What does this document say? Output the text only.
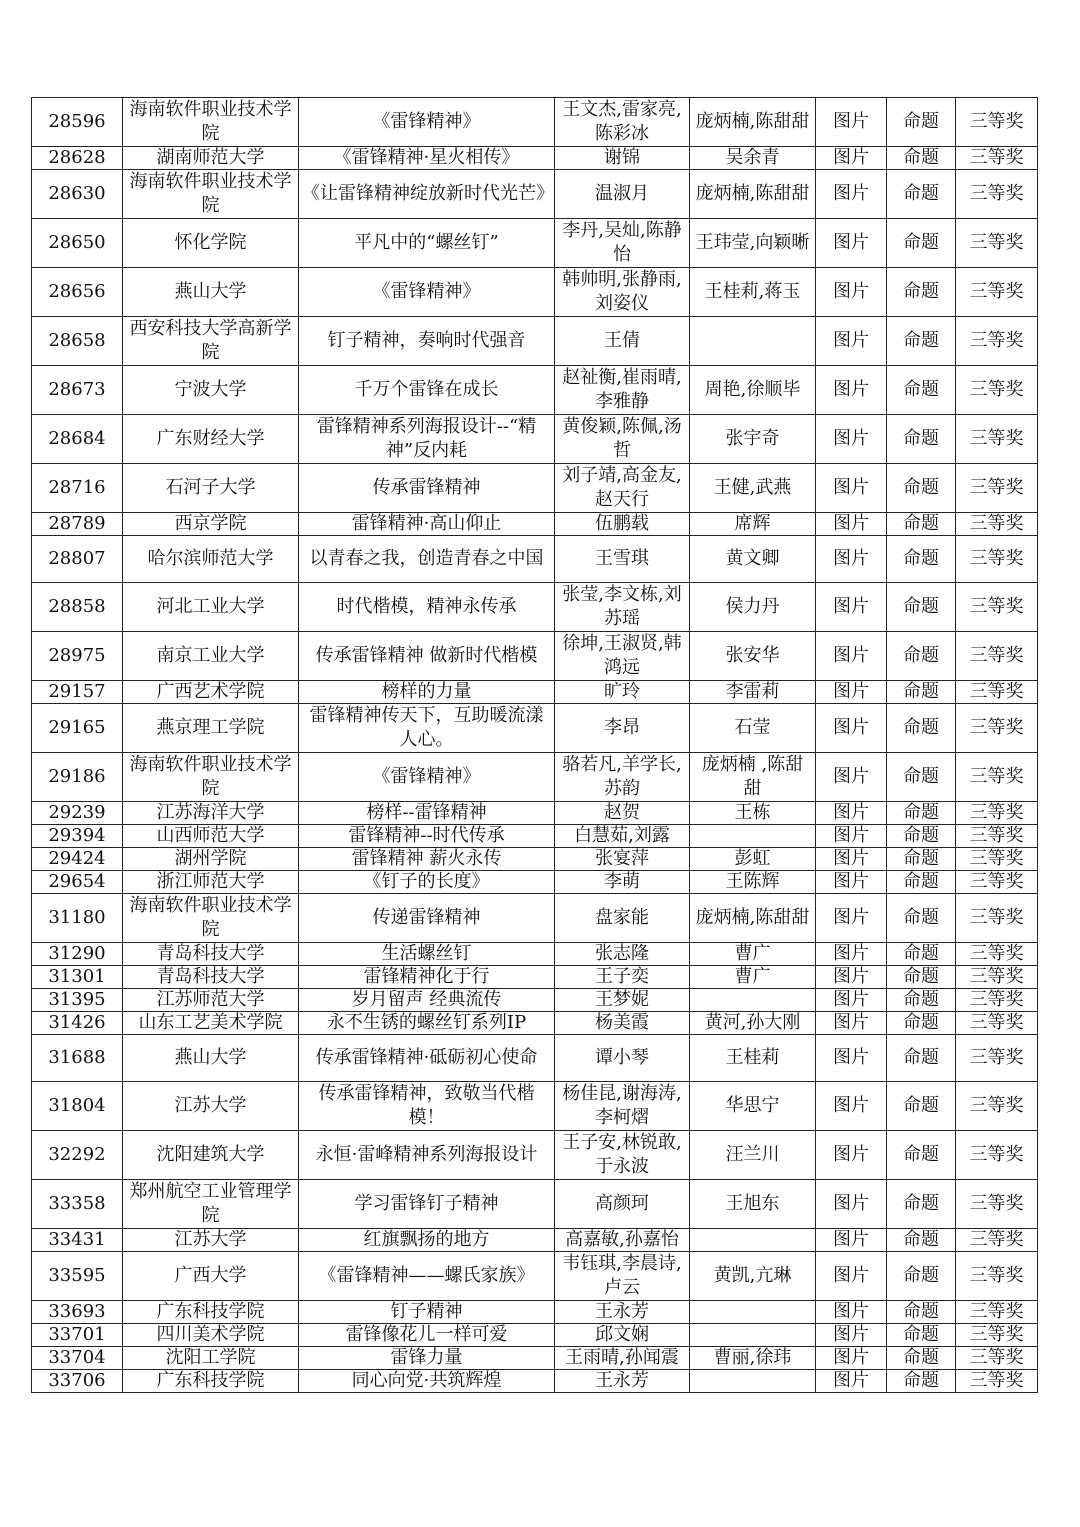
28596	海南软件职业技术学院	《雷锋精神》	王文杰,雷家亮,陈彩冰	庞炳楠,陈甜甜	图片	命题	三等奖
28628	湖南师范大学	《雷锋精神·星火相传》	谢锦	吴余青	图片	命题	三等奖
28630	海南软件职业技术学院	《让雷锋精神绽放新时代光芒》	温淑月	庞炳楠,陈甜甜	图片	命题	三等奖
28650	怀化学院	平凡中的“螺丝钉”	李丹,吴灿,陈静怡	王玮莹,向颖晰	图片	命题	三等奖
28656	燕山大学	《雷锋精神》	韩帅明,张静雨,刘姿仪	王桂莉,蒋玉	图片	命题	三等奖
28658	西安科技大学高新学院	钉子精神，奏响时代强音	王倩		图片	命题	三等奖
28673	宁波大学	千万个雷锋在成长	赵祉衡,崔雨晴,李雅静	周艳,徐顺毕	图片	命题	三等奖
28684	广东财经大学	雷锋精神系列海报设计--“精神”反内耗	黄俊颖,陈佩,汤哲	张宇奇	图片	命题	三等奖
28716	石河子大学	传承雷锋精神	刘子靖,高金友,赵天行	王健,武燕	图片	命题	三等奖
28789	西京学院	雷锋精神·高山仰止	伍鹏载	席辉	图片	命题	三等奖
28807	哈尔滨师范大学	以青春之我，创造青春之中国	王雪琪	黄文卿	图片	命题	三等奖
28858	河北工业大学	时代楷模，精神永传承	张莹,李文栋,刘苏瑶	侯力丹	图片	命题	三等奖
28975	南京工业大学	传承雷锋精神 做新时代楷模	徐坤,王淑贤,韩鸿远	张安华	图片	命题	三等奖
29157	广西艺术学院	榜样的力量	旷玲	李雷莉	图片	命题	三等奖
29165	燕京理工学院	雷锋精神传天下，互助暖流漾人心。	李昂	石莹	图片	命题	三等奖
29186	海南软件职业技术学院	《雷锋精神》	骆若凡,羊学长,苏韵	庞炳楠 ,陈甜甜	图片	命题	三等奖
29239	江苏海洋大学	榜样--雷锋精神	赵贺	王栋	图片	命题	三等奖
29394	山西师范大学	雷锋精神--时代传承	白慧茹,刘露		图片	命题	三等奖
29424	湖州学院	雷锋精神 薪火永传	张宴萍	彭虹	图片	命题	三等奖
29654	浙江师范大学	《钉子的长度》	李萌	王陈辉	图片	命题	三等奖
31180	海南软件职业技术学院	传递雷锋精神	盘家能	庞炳楠,陈甜甜	图片	命题	三等奖
31290	青岛科技大学	生活螺丝钉	张志隆	曹广	图片	命题	三等奖
31301	青岛科技大学	雷锋精神化于行	王子奕	曹广	图片	命题	三等奖
31395	江苏师范大学	岁月留声 经典流传	王梦妮		图片	命题	三等奖
31426	山东工艺美术学院	永不生锈的螺丝钉系列IP	杨美霞	黄河,孙大刚	图片	命题	三等奖
31688	燕山大学	传承雷锋精神·砥砺初心使命	谭小琴	王桂莉	图片	命题	三等奖
31804	江苏大学	传承雷锋精神，致敬当代楷模！	杨佳昆,谢海涛,李柯熠	华思宁	图片	命题	三等奖
32292	沈阳建筑大学	永恒·雷峰精神系列海报设计	王子安,林锐敢,于永波	汪兰川	图片	命题	三等奖
33358	郑州航空工业管理学院	学习雷锋钉子精神	高颜珂	王旭东	图片	命题	三等奖
33431	江苏大学	红旗飘扬的地方	高嘉敏,孙嘉怡		图片	命题	三等奖
33595	广西大学	《雷锋精神——螺氏家族》	韦钰琪,李晨诗,卢云	黄凯,亢琳	图片	命题	三等奖
33693	广东科技学院	钉子精神	王永芳		图片	命题	三等奖
33701	四川美术学院	雷锋像花儿一样可爱	邱文娴		图片	命题	三等奖
33704	沈阳工学院	雷锋力量	王雨晴,孙闻震	曹丽,徐玮	图片	命题	三等奖
33706	广东科技学院	同心向党·共筑辉煌	王永芳		图片	命题	三等奖
